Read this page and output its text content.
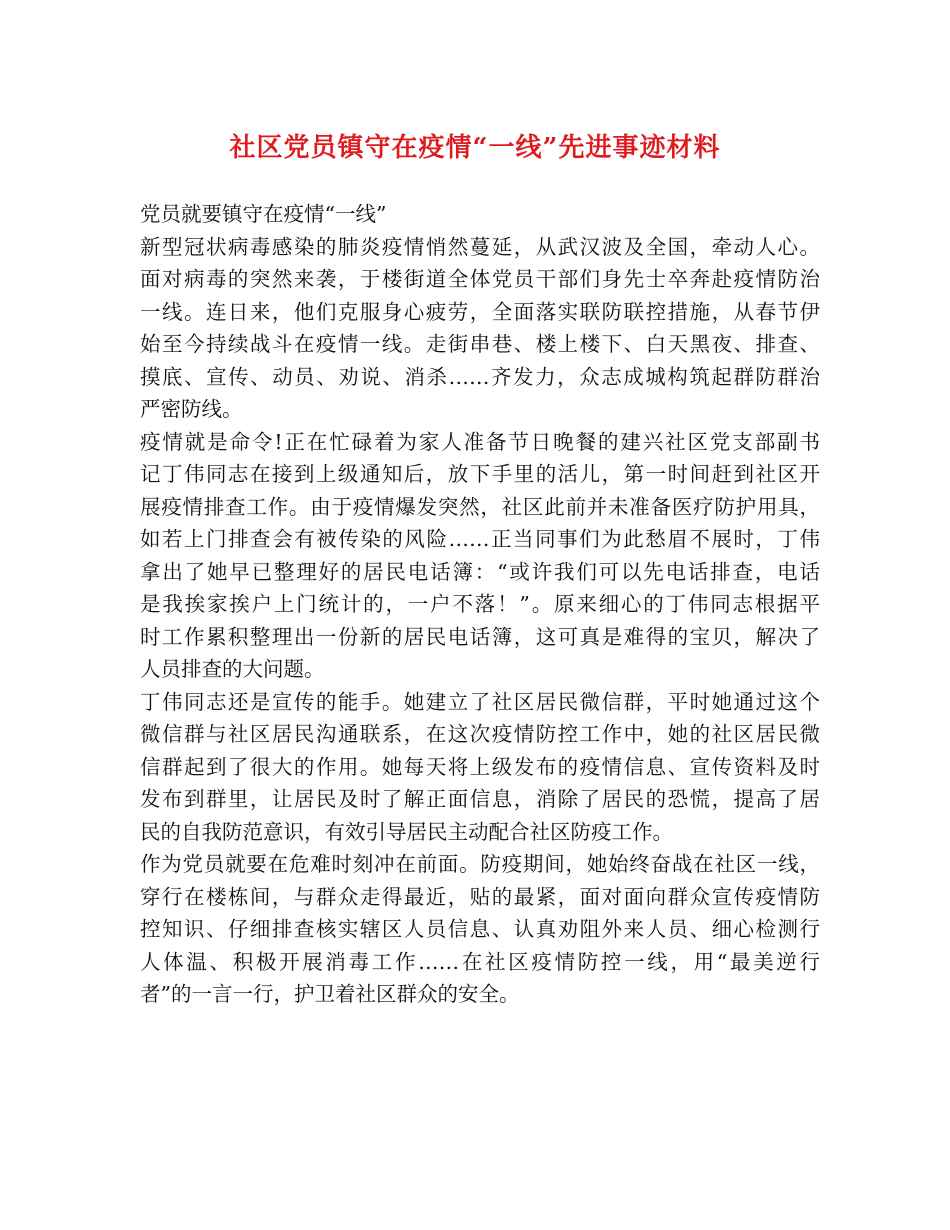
社区党员镇守在疫情“一线”先进事迹材料
党员就要镇守在疫情“一线”
新型冠状病毒感染的肺炎疫情悄然蔓延，从武汉波及全国，牵动人心。
面对病毒的突然来袭，于楼街道全体党员干部们身先士卒奔赴疫情防治
一线。连日来，他们克服身心疲劳，全面落实联防联控措施，从春节伊
始至今持续战斗在疫情一线。走街串巷、楼上楼下、白天黑夜、排查、
摸底、宣传、动员、劝说、消杀……齐发力，众志成城构筑起群防群治
严密防线。
疫情就是命令!正在忙碌着为家人准备节日晚餐的建兴社区党支部副书
记丁伟同志在接到上级通知后，放下手里的活儿，第一时间赶到社区开
展疫情排查工作。由于疫情爆发突然，社区此前并未准备医疗防护用具，
如若上门排查会有被传染的风险……正当同事们为此愁眉不展时，丁伟
拿出了她早已整理好的居民电话簿：“或许我们可以先电话排查，电话
是我挨家挨户上门统计的，一户不落！”。原来细心的丁伟同志根据平
时工作累积整理出一份新的居民电话簿，这可真是难得的宝贝，解决了
人员排查的大问题。
丁伟同志还是宣传的能手。她建立了社区居民微信群，平时她通过这个
微信群与社区居民沟通联系，在这次疫情防控工作中，她的社区居民微
信群起到了很大的作用。她每天将上级发布的疫情信息、宣传资料及时
发布到群里，让居民及时了解正面信息，消除了居民的恐慌，提高了居
民的自我防范意识，有效引导居民主动配合社区防疫工作。
作为党员就要在危难时刻冲在前面。防疫期间，她始终奋战在社区一线，
穿行在楼栋间，与群众走得最近，贴的最紧，面对面向群众宣传疫情防
控知识、仔细排查核实辖区人员信息、认真劝阻外来人员、细心检测行
人体温、积极开展消毒工作……在社区疫情防控一线，用“最美逆行
者”的一言一行，护卫着社区群众的安全。
